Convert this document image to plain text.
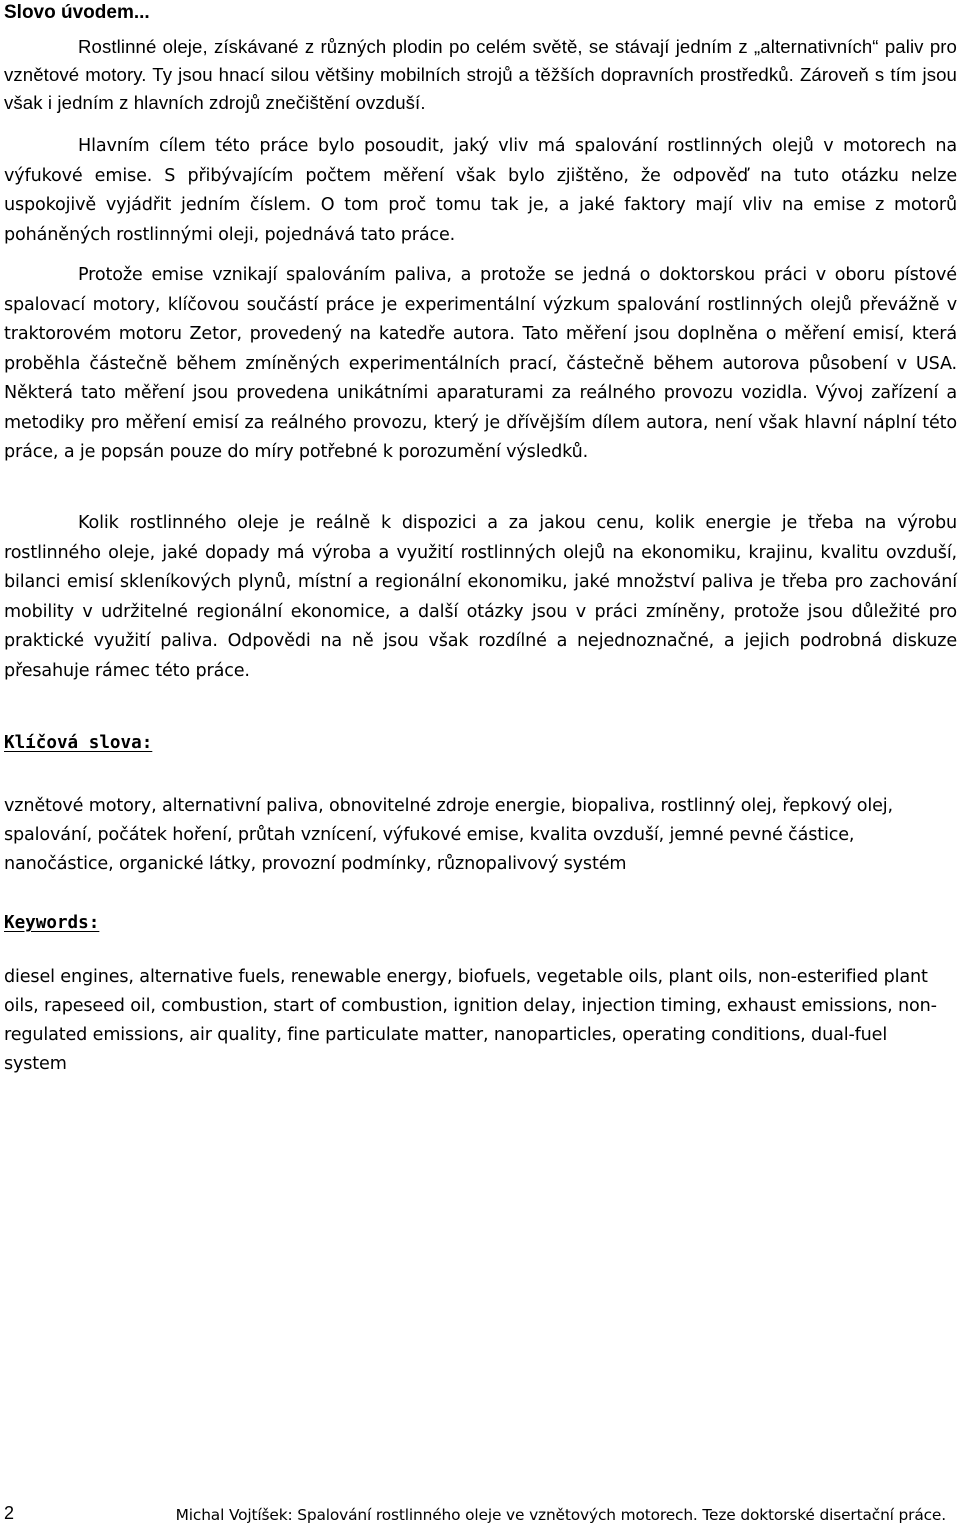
Slovo úvodem...

Rostlinné oleje, získávané z různých plodin po celém světě, se stávají jedním z „alternativních“ paliv pro vznětové motory. Ty jsou hnací silou většiny mobilních strojů a těžších dopravních prostředků. Zároveň s tím jsou však i jedním z hlavních zdrojů znečištění ovzduší.

Hlavním cílem této práce bylo posoudit, jaký vliv má spalování rostlinných olejů v motorech na výfukové emise. S přibývajícím počtem měření však bylo zjištěno, že odpověď na tuto otázku nelze uspokojivě vyjádřit jedním číslem. O tom proč tomu tak je, a jaké faktory mají vliv na emise z motorů poháněných rostlinnými oleji, pojednává tato práce.

Protože emise vznikají spalováním paliva, a protože se jedná o doktorskou práci v oboru pístové spalovací motory, klíčovou součástí práce je experimentální výzkum spalování rostlinných olejů převážně v traktorovém motoru Zetor, provedený na katedře autora. Tato měření jsou doplněna o měření emisí, která proběhla částečně během zmíněných experimentálních prací, částečně během autorova působení v USA. Některá tato měření jsou provedena unikátními aparaturami za reálného provozu vozidla. Vývoj zařízení a metodiky pro měření emisí za reálného provozu, který je dřívějším dílem autora, není však hlavní náplní této práce, a je popsán pouze do míry potřebné k porozumění výsledků.

Kolik rostlinného oleje je reálně k dispozici a za jakou cenu, kolik energie je třeba na výrobu rostlinného oleje, jaké dopady má výroba a využití rostlinných olejů na ekonomiku, krajinu, kvalitu ovzduší, bilanci emisí skleníkových plynů, místní a regionální ekonomiku, jaké množství paliva je třeba pro zachování mobility v udržitelné regionální ekonomice, a další otázky jsou v práci zmíněny, protože jsou důležité pro praktické využití paliva. Odpovědi na ně jsou však rozdílné a nejednoznačné, a jejich podrobná diskuze přesahuje rámec této práce.

Klíčová slova:

vznětové motory, alternativní paliva, obnovitelné zdroje energie, biopaliva, rostlinný olej, řepkový olej, spalování, počátek hoření, průtah vznícení, výfukové emise, kvalita ovzduší, jemné pevné částice, nanočástice, organické látky, provozní podmínky, různopalivový systém

Keywords:

diesel engines, alternative fuels, renewable energy, biofuels, vegetable oils, plant oils, non-esterified plant oils, rapeseed oil, combustion, start of combustion, ignition delay, injection timing, exhaust emissions, non-regulated emissions, air quality, fine particulate matter, nanoparticles, operating conditions, dual-fuel system

2	Michal Vojtíšek: Spalování rostlinného oleje ve vznětových motorech. Teze doktorské disertační práce.
